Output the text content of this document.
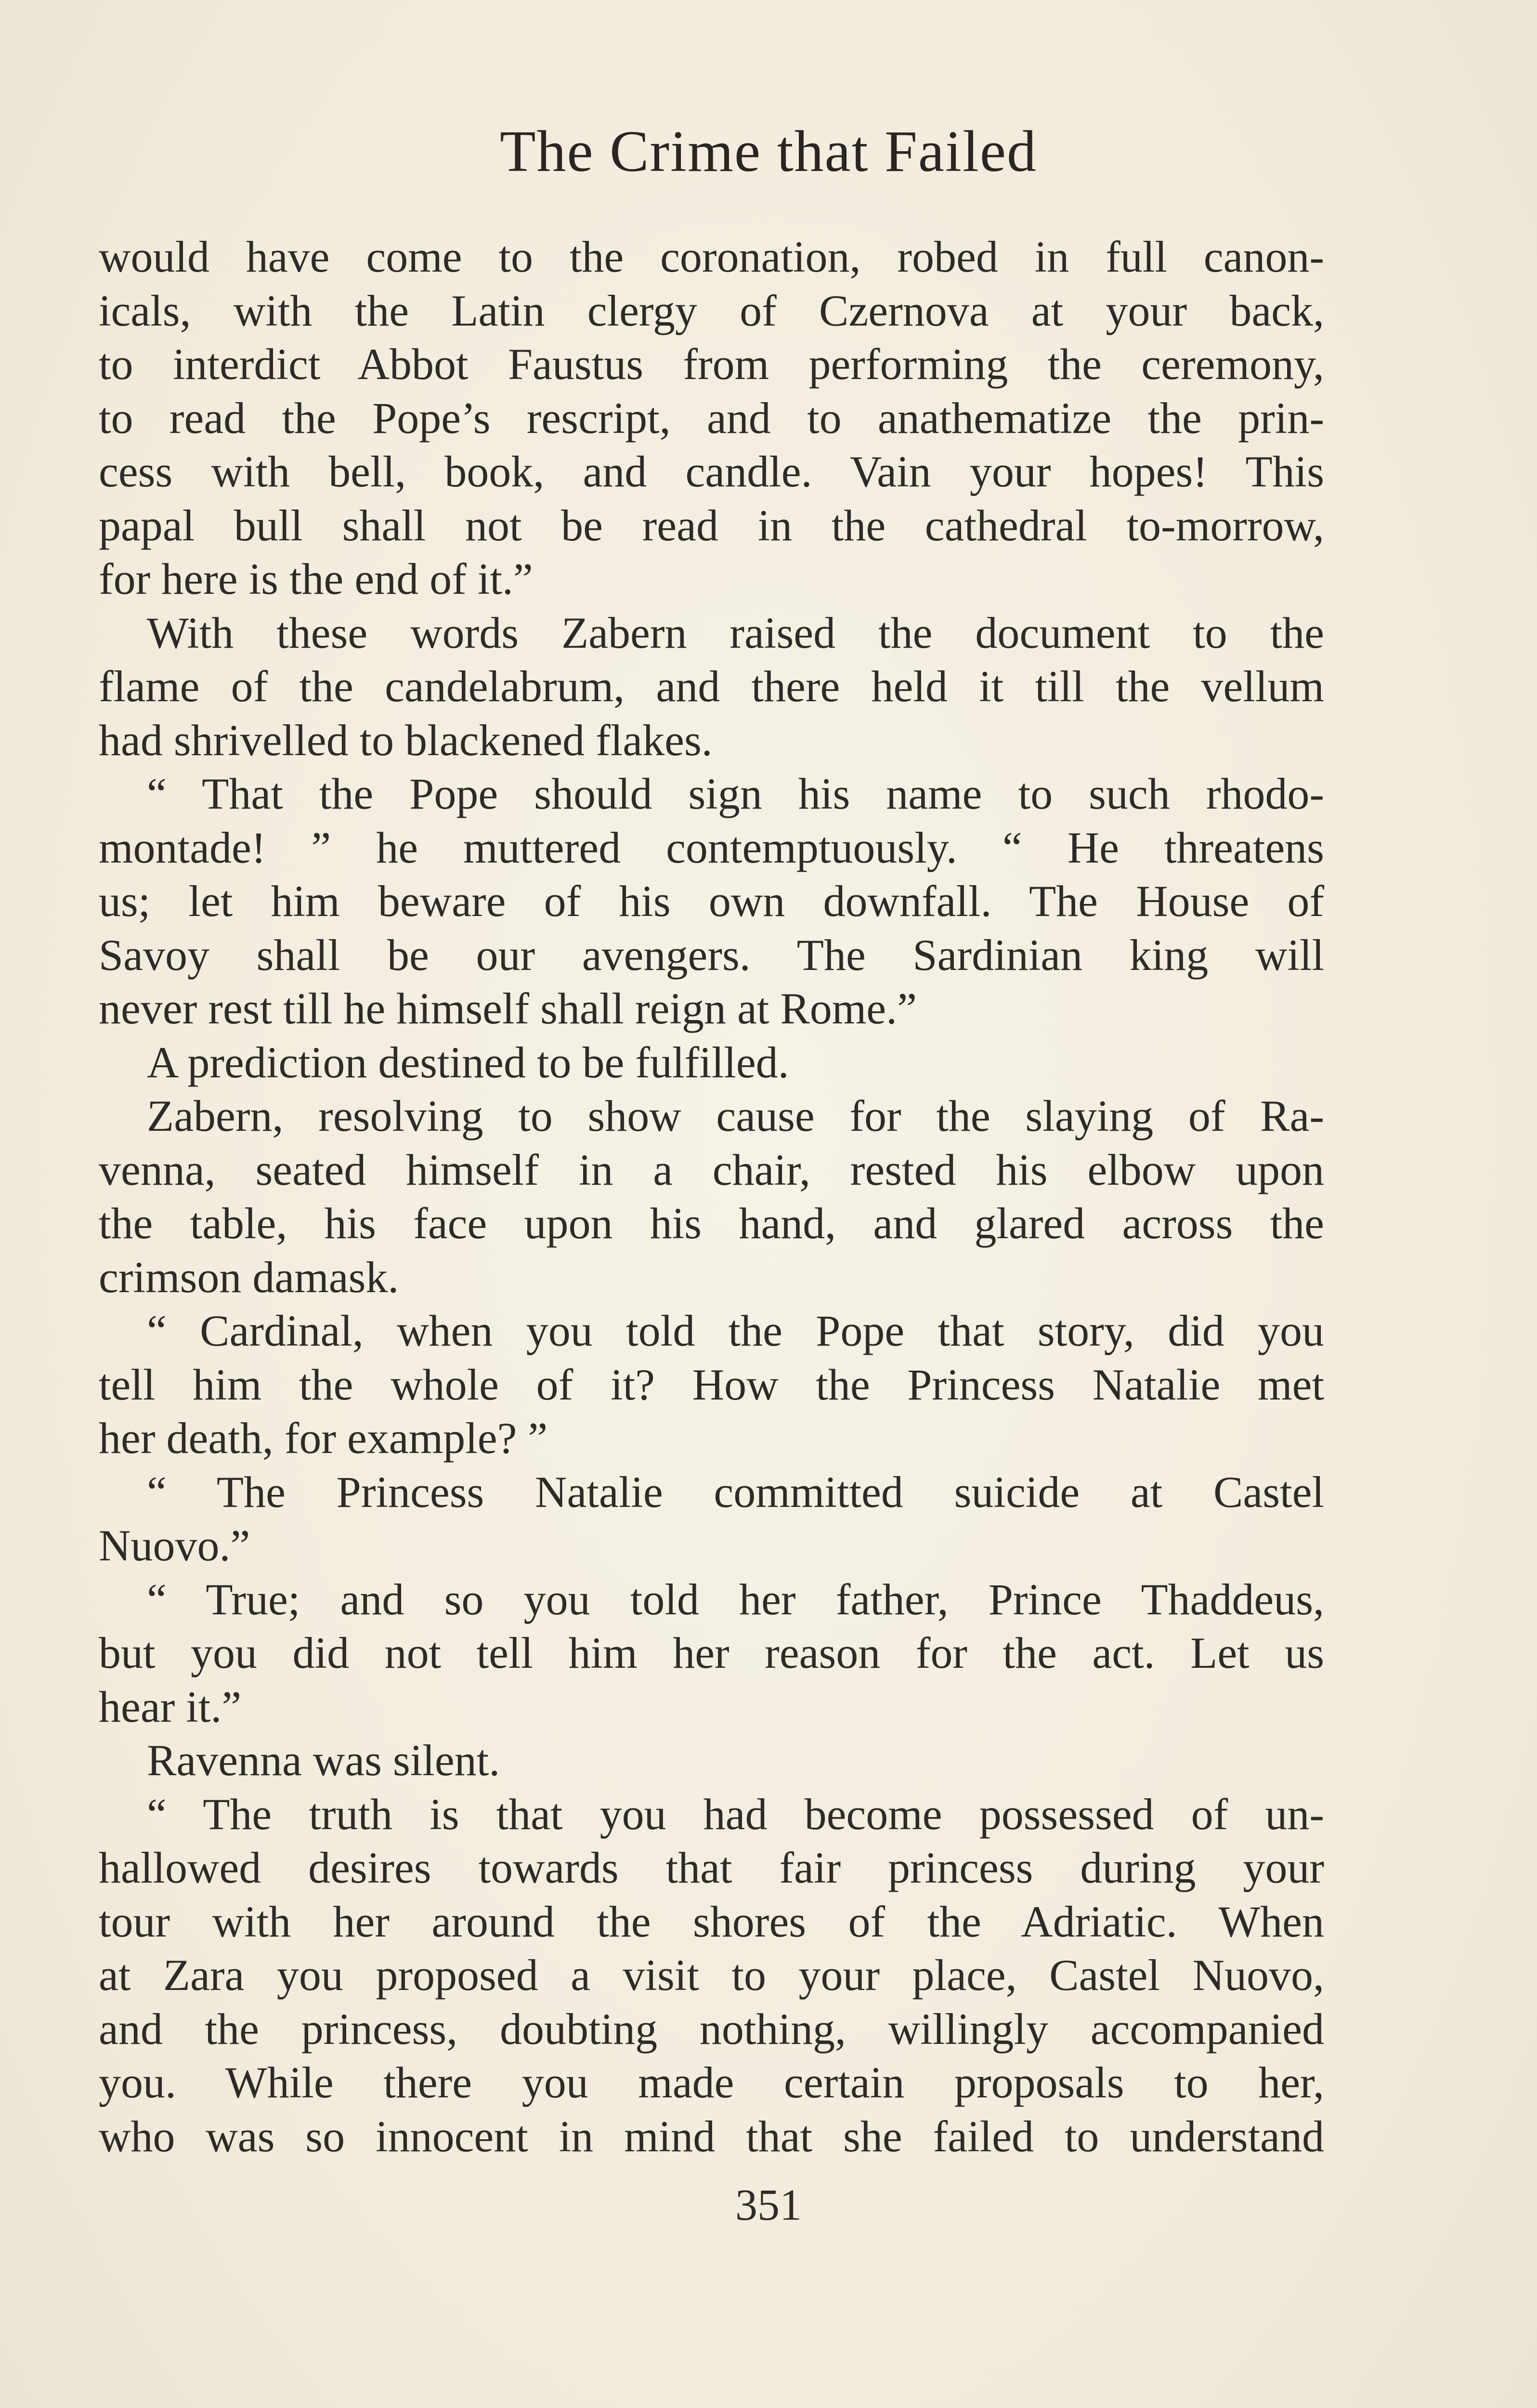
The Crime that Failed
would have come to the coronation, robed in full canon-
icals, with the Latin clergy of Czernova at your back,
to interdict Abbot Faustus from performing the ceremony,
to read the Pope’s rescript, and to anathematize the prin-
cess with bell, book, and candle. Vain your hopes! This
papal bull shall not be read in the cathedral to-morrow,
for here is the end of it.”
With these words Zabern raised the document to the
flame of the candelabrum, and there held it till the vellum
had shrivelled to blackened flakes.
“ That the Pope should sign his name to such rhodo-
montade! ” he muttered contemptuously. “ He threatens
us; let him beware of his own downfall. The House of
Savoy shall be our avengers. The Sardinian king will
never rest till he himself shall reign at Rome.”
A prediction destined to be fulfilled.
Zabern, resolving to show cause for the slaying of Ra-
venna, seated himself in a chair, rested his elbow upon
the table, his face upon his hand, and glared across the
crimson damask.
“ Cardinal, when you told the Pope that story, did you
tell him the whole of it? How the Princess Natalie met
her death, for example? ”
“ The Princess Natalie committed suicide at Castel
Nuovo.”
“ True; and so you told her father, Prince Thaddeus,
but you did not tell him her reason for the act. Let us
hear it.”
Ravenna was silent.
“ The truth is that you had become possessed of un-
hallowed desires towards that fair princess during your
tour with her around the shores of the Adriatic. When
at Zara you proposed a visit to your place, Castel Nuovo,
and the princess, doubting nothing, willingly accompanied
you. While there you made certain proposals to her,
who was so innocent in mind that she failed to understand
351
